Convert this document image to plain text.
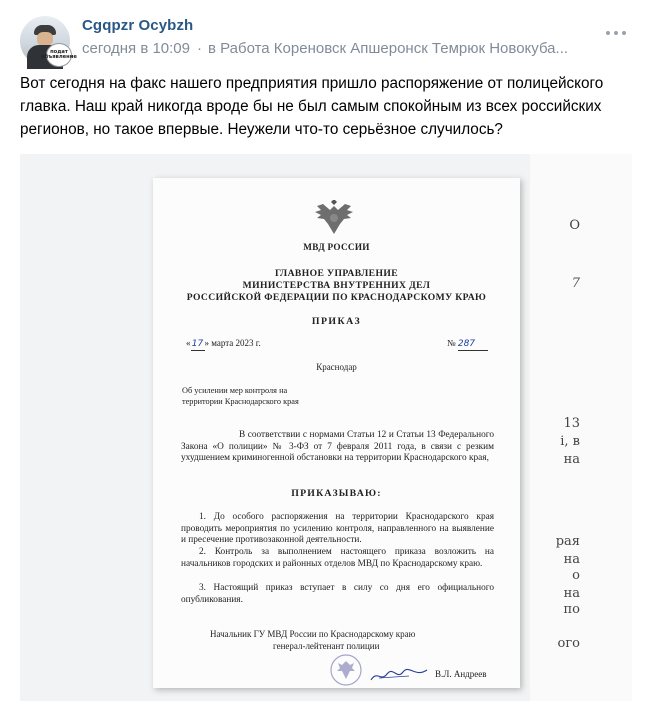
подат объявление
Cgqpzr Ocybzh
сегодня в 10:09 · в Работа Кореновск Апшеронск Темрюк Новокуба...
Вот сегодня на факс нашего предприятия пришло распоряжение от полицейского главка. Наш край никогда вроде бы не был самым спокойным из всех российских регионов, но такое впервые. Неужели что-то серьёзное случилось?
О
7
13
і, в
на
рая
на
о
на
по
ого
МВД РОССИИ
ГЛАВНОЕ УПРАВЛЕНИЕ
МИНИСТЕРСТВА ВНУТРЕННИХ ДЕЛ
РОССИЙСКОЙ ФЕДЕРАЦИИ ПО КРАСНОДАРСКОМУ КРАЮ
ПРИКАЗ
«17» марта 2023 г.	№ 287
Краснодар
Об усилении мер контроля на
территории Краснодарского края
В соответствии с нормами Статьи 12 и Статьи 13 Федерального Закона «О полиции» № 3-ФЗ от 7 февраля 2011 года, в связи с резким ухудшением криминогенной обстановки на территории Краснодарского края,
ПРИКАЗЫВАЮ:
1. До особого распоряжения на территории Краснодарского края проводить мероприятия по усилению контроля, направленного на выявление и пресечение противозаконной деятельности.
2. Контроль за выполнением настоящего приказа возложить на начальников городских и районных отделов МВД по Краснодарскому краю.
3. Настоящий приказ вступает в силу со дня его официального опубликования.
Начальник ГУ МВД России по Краснодарскому краю
генерал-лейтенант полиции
В.Л. Андреев
